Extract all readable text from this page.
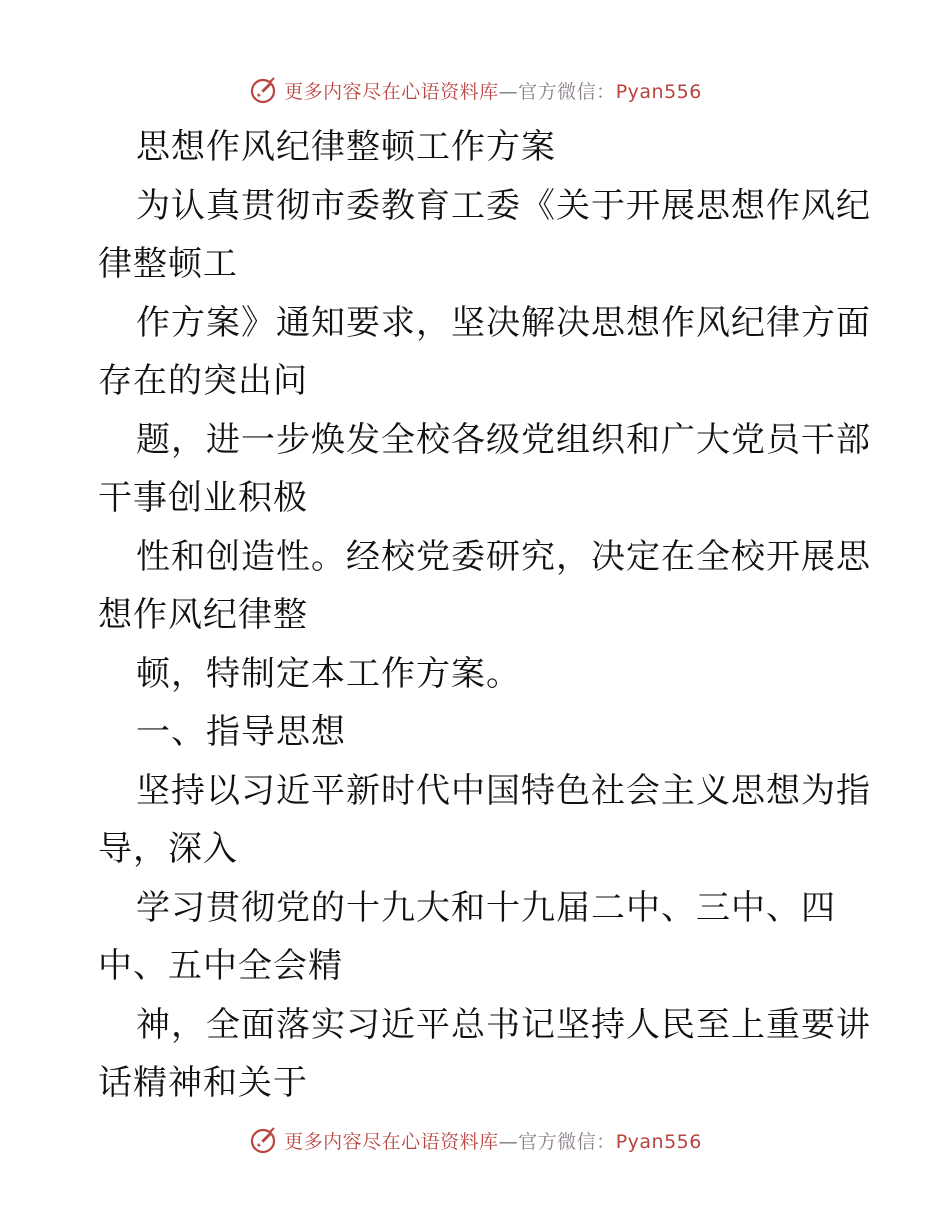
更多内容尽在心语资料库—官方微信：Pyan556
思想作风纪律整顿工作方案
为认真贯彻市委教育工委《关于开展思想作风纪
律整顿工
作方案》通知要求，坚决解决思想作风纪律方面
存在的突出问
题，进一步焕发全校各级党组织和广大党员干部
干事创业积极
性和创造性。经校党委研究，决定在全校开展思
想作风纪律整
顿，特制定本工作方案。
一、指导思想
坚持以习近平新时代中国特色社会主义思想为指
导，深入
学习贯彻党的十九大和十九届二中、三中、四
中、五中全会精
神，全面落实习近平总书记坚持人民至上重要讲
话精神和关于
更多内容尽在心语资料库—官方微信：Pyan556
